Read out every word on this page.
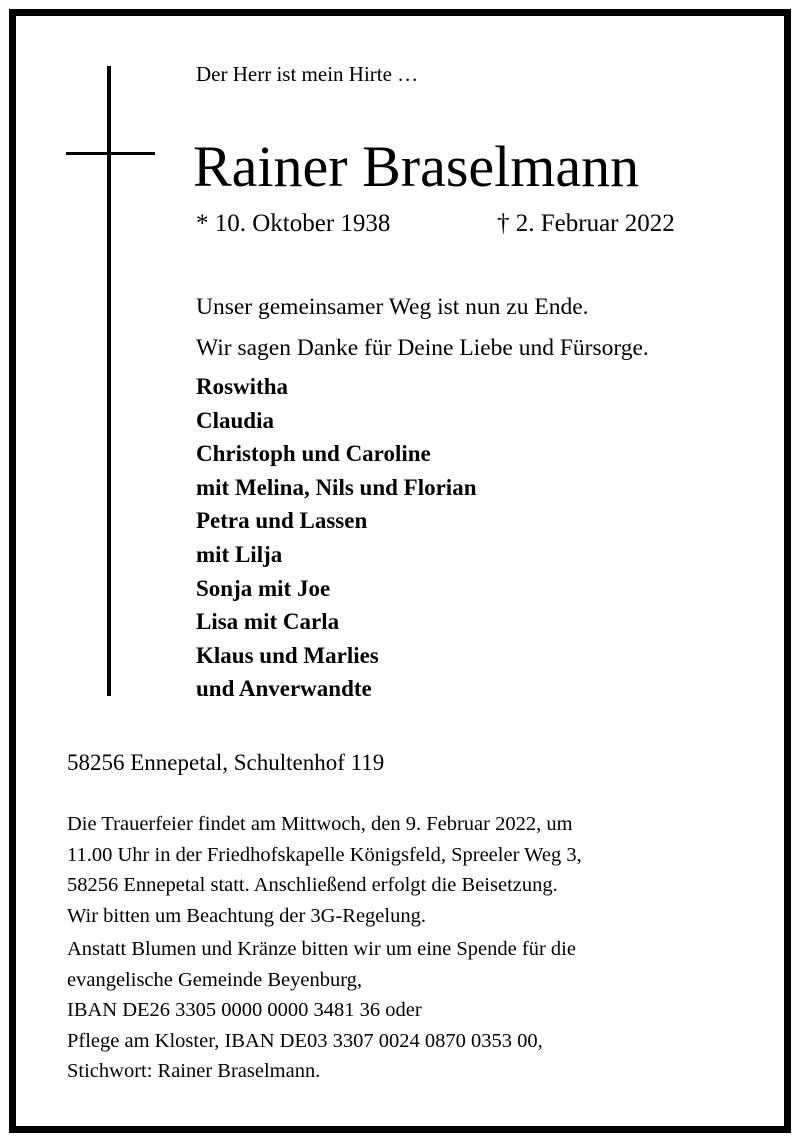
Der Herr ist mein Hirte …
Rainer Braselmann
* 10. Oktober 1938	† 2. Februar 2022
Unser gemeinsamer Weg ist nun zu Ende.
Wir sagen Danke für Deine Liebe und Fürsorge.
Roswitha
Claudia
Christoph und Caroline
mit Melina, Nils und Florian
Petra und Lassen
mit Lilja
Sonja mit Joe
Lisa mit Carla
Klaus und Marlies
und Anverwandte
58256 Ennepetal, Schultenhof 119
Die Trauerfeier findet am Mittwoch, den 9. Februar 2022, um
11.00 Uhr in der Friedhofskapelle Königsfeld, Spreeler Weg 3,
58256 Ennepetal statt. Anschließend erfolgt die Beisetzung.
Wir bitten um Beachtung der 3G-Regelung.
Anstatt Blumen und Kränze bitten wir um eine Spende für die
evangelische Gemeinde Beyenburg,
IBAN DE26 3305 0000 0000 3481 36 oder
Pflege am Kloster, IBAN DE03 3307 0024 0870 0353 00,
Stichwort: Rainer Braselmann.
